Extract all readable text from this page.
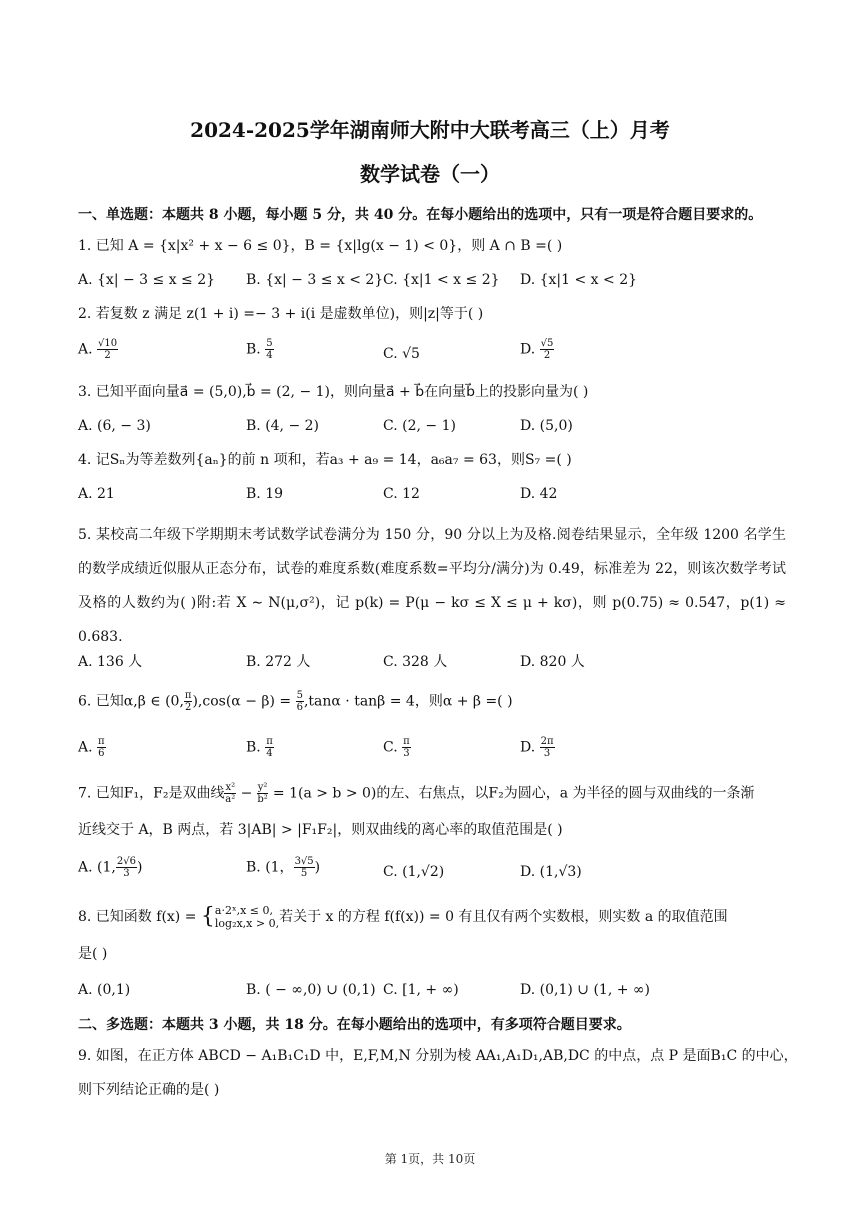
2024-2025学年湖南师大附中大联考高三（上）月考
数学试卷（一）
一、单选题：本题共 8 小题，每小题 5 分，共 40 分。在每小题给出的选项中，只有一项是符合题目要求的。
1. 已知 A = {x|x² + x − 6 ≤ 0}，B = {x|lg(x − 1) < 0}，则 A ∩ B =( )
A. {x| − 3 ≤ x ≤ 2} B. {x| − 3 ≤ x < 2} C. {x|1 < x ≤ 2} D. {x|1 < x < 2}
2. 若复数 z 满足 z(1 + i) =− 3 + i(i 是虚数单位)，则|z|等于( )
A. $\frac{√10}{2}$	B. $\frac{5}{4}$	C. √5	D. $\frac{√5}{2}$
3. 已知平面向量a⃗ = (5,0),b⃗ = (2, − 1)，则向量a⃗ + b⃗在向量b⃗上的投影向量为( )
A. (6, − 3)	B. (4, − 2)	C. (2, − 1)	D. (5,0)
4. 记Sₙ为等差数列{aₙ}的前 n 项和，若a₃ + a₉ = 14，a₆a₇ = 63，则S₇ =( )
A. 21	B. 19	C. 12	D. 42
5. 某校高二年级下学期期末考试数学试卷满分为 150 分，90 分以上为及格.阅卷结果显示，全年级 1200 名学生的数学成绩近似服从正态分布，试卷的难度系数(难度系数=平均分/满分)为 0.49，标准差为 22，则该次数学考试及格的人数约为( )附:若 X ∼ N(μ,σ²)，记 p(k) = P(μ − kσ ≤ X ≤ μ + kσ)，则 p(0.75) ≈ 0.547，p(1) ≈ 0.683.
A. 136 人	B. 272 人	C. 328 人	D. 820 人
6. 已知α,β ∈ (0, $\frac{\pi}{2} ),\cos(\alpha - \beta) = \frac{5}{6} ,\tan\alpha \cdot \tan\beta = 4$，则α + β =( )
A. $\frac{\pi}{6}$	B. $\frac{\pi}{4}$	C. $\frac{\pi}{3}$	D. $\frac{2\pi}{3}$
7. 已知F₁，F₂是双曲线 $\frac{\text{x²}}{\text{a²}} - \frac{\text{y²}}{\text{b²}} = 1(a > b > 0)$的左、右焦点，以F₂为圆心，a 为半径的圆与双曲线的一条渐
近线交于 A，B 两点，若 3|AB| > |F₁F₂|，则双曲线的离心率的取值范围是( )
A. (1, $\frac{2√6}{3}$ )	B. (1， $\frac{3√5}{5}$ )	C. (1,√2)	D. (1,√3)
8. 已知函数 f(x) = { a·2ˣ,x ≤ 0,
log₂x,x > 0, 若关于 x 的方程 f(f(x)) = 0 有且仅有两个实数根，则实数 a 的取值范围
是( )
A. (0,1)	B. ( − ∞,0) ∪ (0,1) C. [1, + ∞)	D. (0,1) ∪ (1, + ∞)
二、多选题：本题共 3 小题，共 18 分。在每小题给出的选项中，有多项符合题目要求。
9. 如图，在正方体 ABCD − A₁B₁C₁D 中，E,F,M,N 分别为棱 AA₁,A₁D₁,AB,DC 的中点，点 P 是面B₁C 的中心，
则下列结论正确的是( )
第 1页，共 10页
